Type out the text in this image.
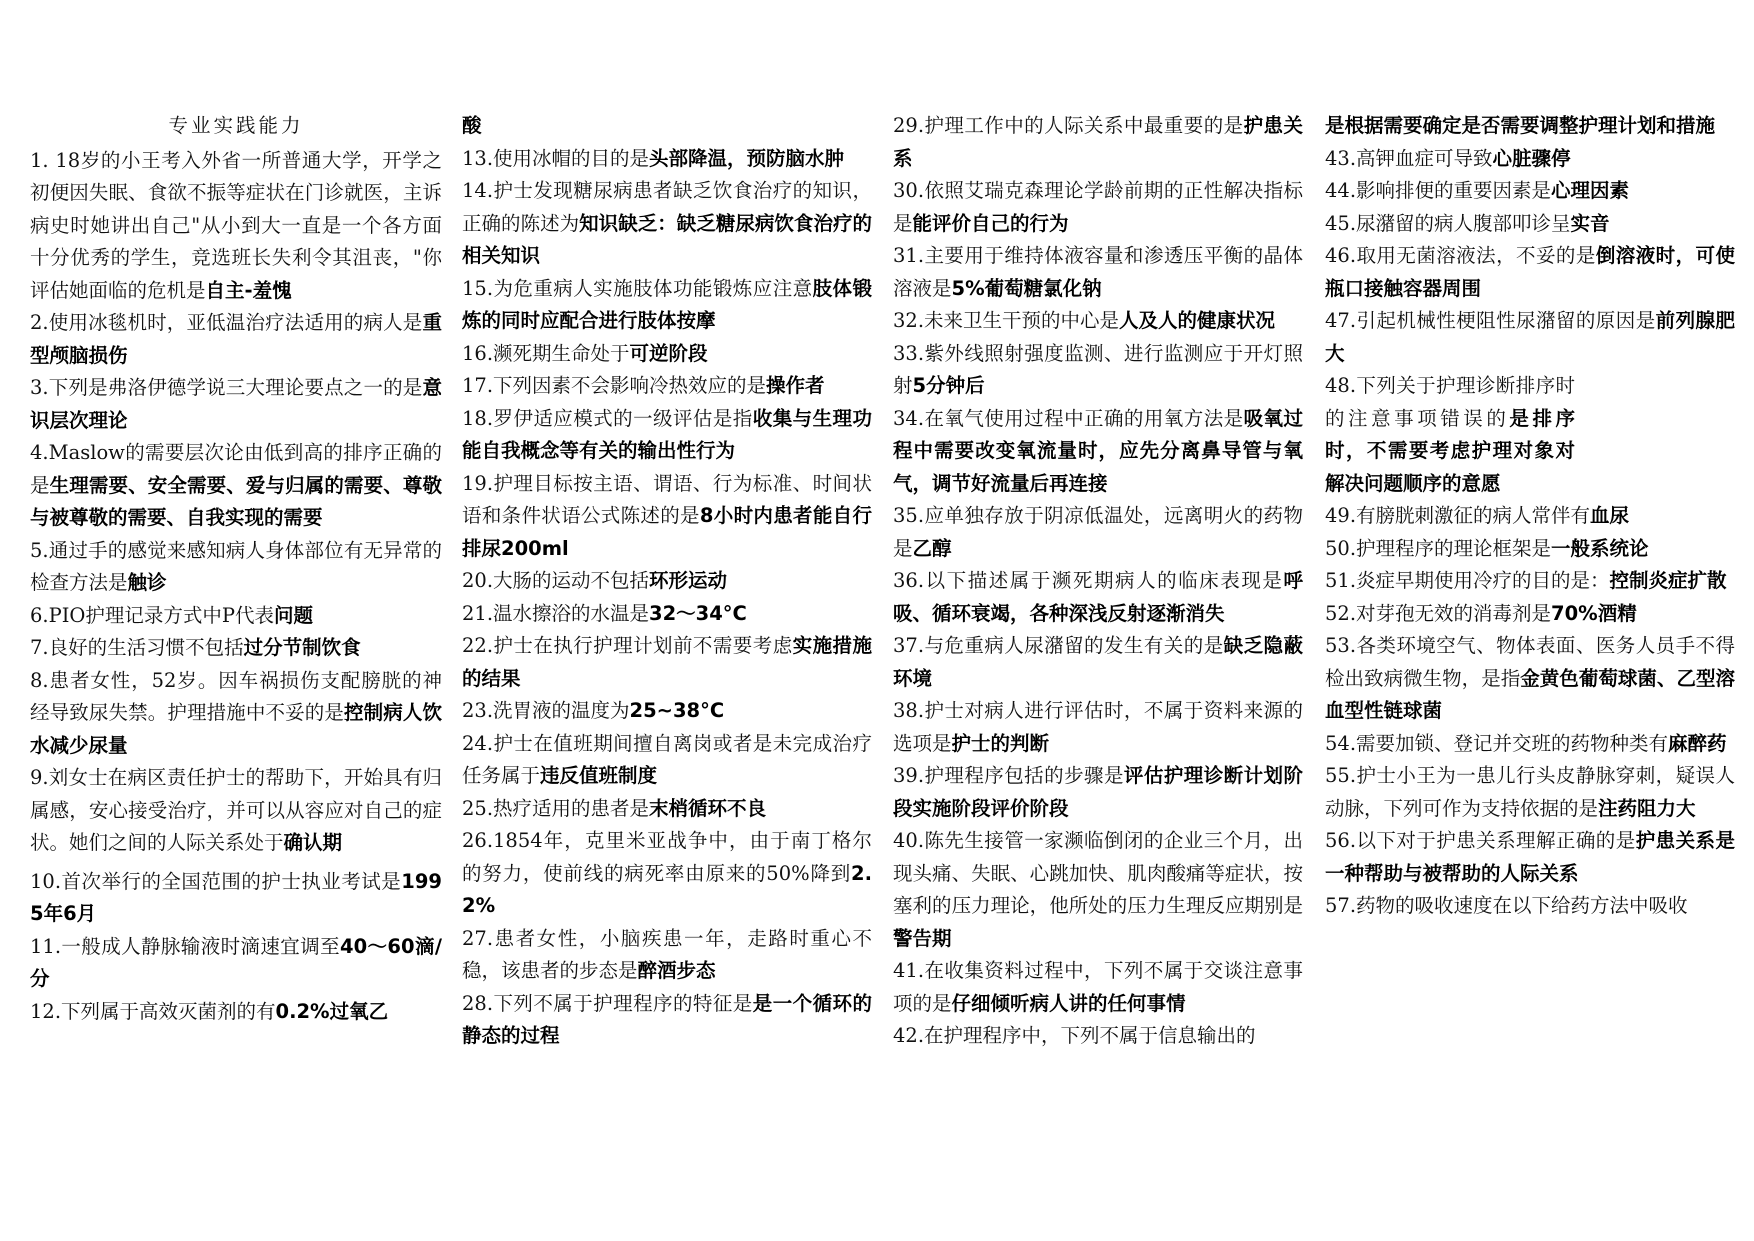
专业实践能力

1. 18岁的小王考入外省一所普通大学，开学之初便因失眠、食欲不振等症状在门诊就医，主诉病史时她讲出自己"从小到大一直是一个各方面十分优秀的学生，竞选班长失利令其沮丧，"你评估她面临的危机是自主-羞愧

2.使用冰毯机时，亚低温治疗法适用的病人是重型颅脑损伤

3.下列是弗洛伊德学说三大理论要点之一的是意识层次理论

4.Maslow的需要层次论由低到高的排序正确的是生理需要、安全需要、爱与归属的需要、尊敬与被尊敬的需要、自我实现的需要

5.通过手的感觉来感知病人身体部位有无异常的检查方法是触诊

6.PIO护理记录方式中P代表问题

7.良好的生活习惯不包括过分节制饮食

8.患者女性，52岁。因车祸损伤支配膀胱的神经导致尿失禁。护理措施中不妥的是控制病人饮水减少尿量

9.刘女士在病区责任护士的帮助下，开始具有归属感，安心接受治疗，并可以从容应对自己的症状。她们之间的人际关系处于确认期

10.首次举行的全国范围的护士执业考试是1995年6月

11.一般成人静脉输液时滴速宜调至40～60滴/分

12.下列属于高效灭菌剂的有0.2%过氧乙

酸

13.使用冰帽的目的是头部降温，预防脑水肿

14.护士发现糖尿病患者缺乏饮食治疗的知识，正确的陈述为知识缺乏：缺乏糖尿病饮食治疗的相关知识

15.为危重病人实施肢体功能锻炼应注意肢体锻炼的同时应配合进行肢体按摩

16.濒死期生命处于可逆阶段

17.下列因素不会影响冷热效应的是操作者

18.罗伊适应模式的一级评估是指收集与生理功能自我概念等有关的输出性行为

19.护理目标按主语、谓语、行为标准、时间状语和条件状语公式陈述的是8小时内患者能自行排尿200ml

20.大肠的运动不包括环形运动

21.温水擦浴的水温是32～34°C

22.护士在执行护理计划前不需要考虑实施措施的结果

23.洗胃液的温度为25~38°C

24.护士在值班期间擅自离岗或者是未完成治疗任务属于违反值班制度

25.热疗适用的患者是末梢循环不良

26.1854年，克里米亚战争中，由于南丁格尔的努力，使前线的病死率由原来的50%降到2.2%

27.患者女性，小脑疾患一年，走路时重心不稳，该患者的步态是醉酒步态

28.下列不属于护理程序的特征是是一个循环的静态的过程

29.护理工作中的人际关系中最重要的是护患关系

30.依照艾瑞克森理论学龄前期的正性解决指标是能评价自己的行为

31.主要用于维持体液容量和渗透压平衡的晶体溶液是5%葡萄糖氯化钠

32.未来卫生干预的中心是人及人的健康状况

33.紫外线照射强度监测、进行监测应于开灯照射5分钟后

34.在氧气使用过程中正确的用氧方法是吸氧过程中需要改变氧流量时，应先分离鼻导管与氧气，调节好流量后再连接

35.应单独存放于阴凉低温处，远离明火的药物是乙醇

36.以下描述属于濒死期病人的临床表现是呼吸、循环衰竭，各种深浅反射逐渐消失

37.与危重病人尿潴留的发生有关的是缺乏隐蔽环境

38.护士对病人进行评估时，不属于资料来源的选项是护士的判断

39.护理程序包括的步骤是评估护理诊断计划阶段实施阶段评价阶段

40.陈先生接管一家濒临倒闭的企业三个月，出现头痛、失眠、心跳加快、肌肉酸痛等症状，按塞利的压力理论，他所处的压力生理反应期别是警告期

41.在收集资料过程中，下列不属于交谈注意事项的是仔细倾听病人讲的任何事情

42.在护理程序中，下列不属于信息输出的

是根据需要确定是否需要调整护理计划和措施

43.高钾血症可导致心脏骤停

44.影响排便的重要因素是心理因素

45.尿潴留的病人腹部叩诊呈实音

46.取用无菌溶液法，不妥的是倒溶液时，可使瓶口接触容器周围

47.引起机械性梗阻性尿潴留的原因是前列腺肥大

48.下列关于护理诊断排序时的注意事项错误的是排序时，不需要考虑护理对象对解决问题顺序的意愿

49.有膀胱刺激征的病人常伴有血尿

50.护理程序的理论框架是一般系统论

51.炎症早期使用冷疗的目的是：控制炎症扩散

52.对芽孢无效的消毒剂是70%酒精

53.各类环境空气、物体表面、医务人员手不得检出致病微生物，是指金黄色葡萄球菌、乙型溶血型性链球菌

54.需要加锁、登记并交班的药物种类有麻醉药

55.护士小王为一患儿行头皮静脉穿刺，疑误人动脉，下列可作为支持依据的是注药阻力大

56.以下对于护患关系理解正确的是护患关系是一种帮助与被帮助的人际关系

57.药物的吸收速度在以下给药方法中吸收
